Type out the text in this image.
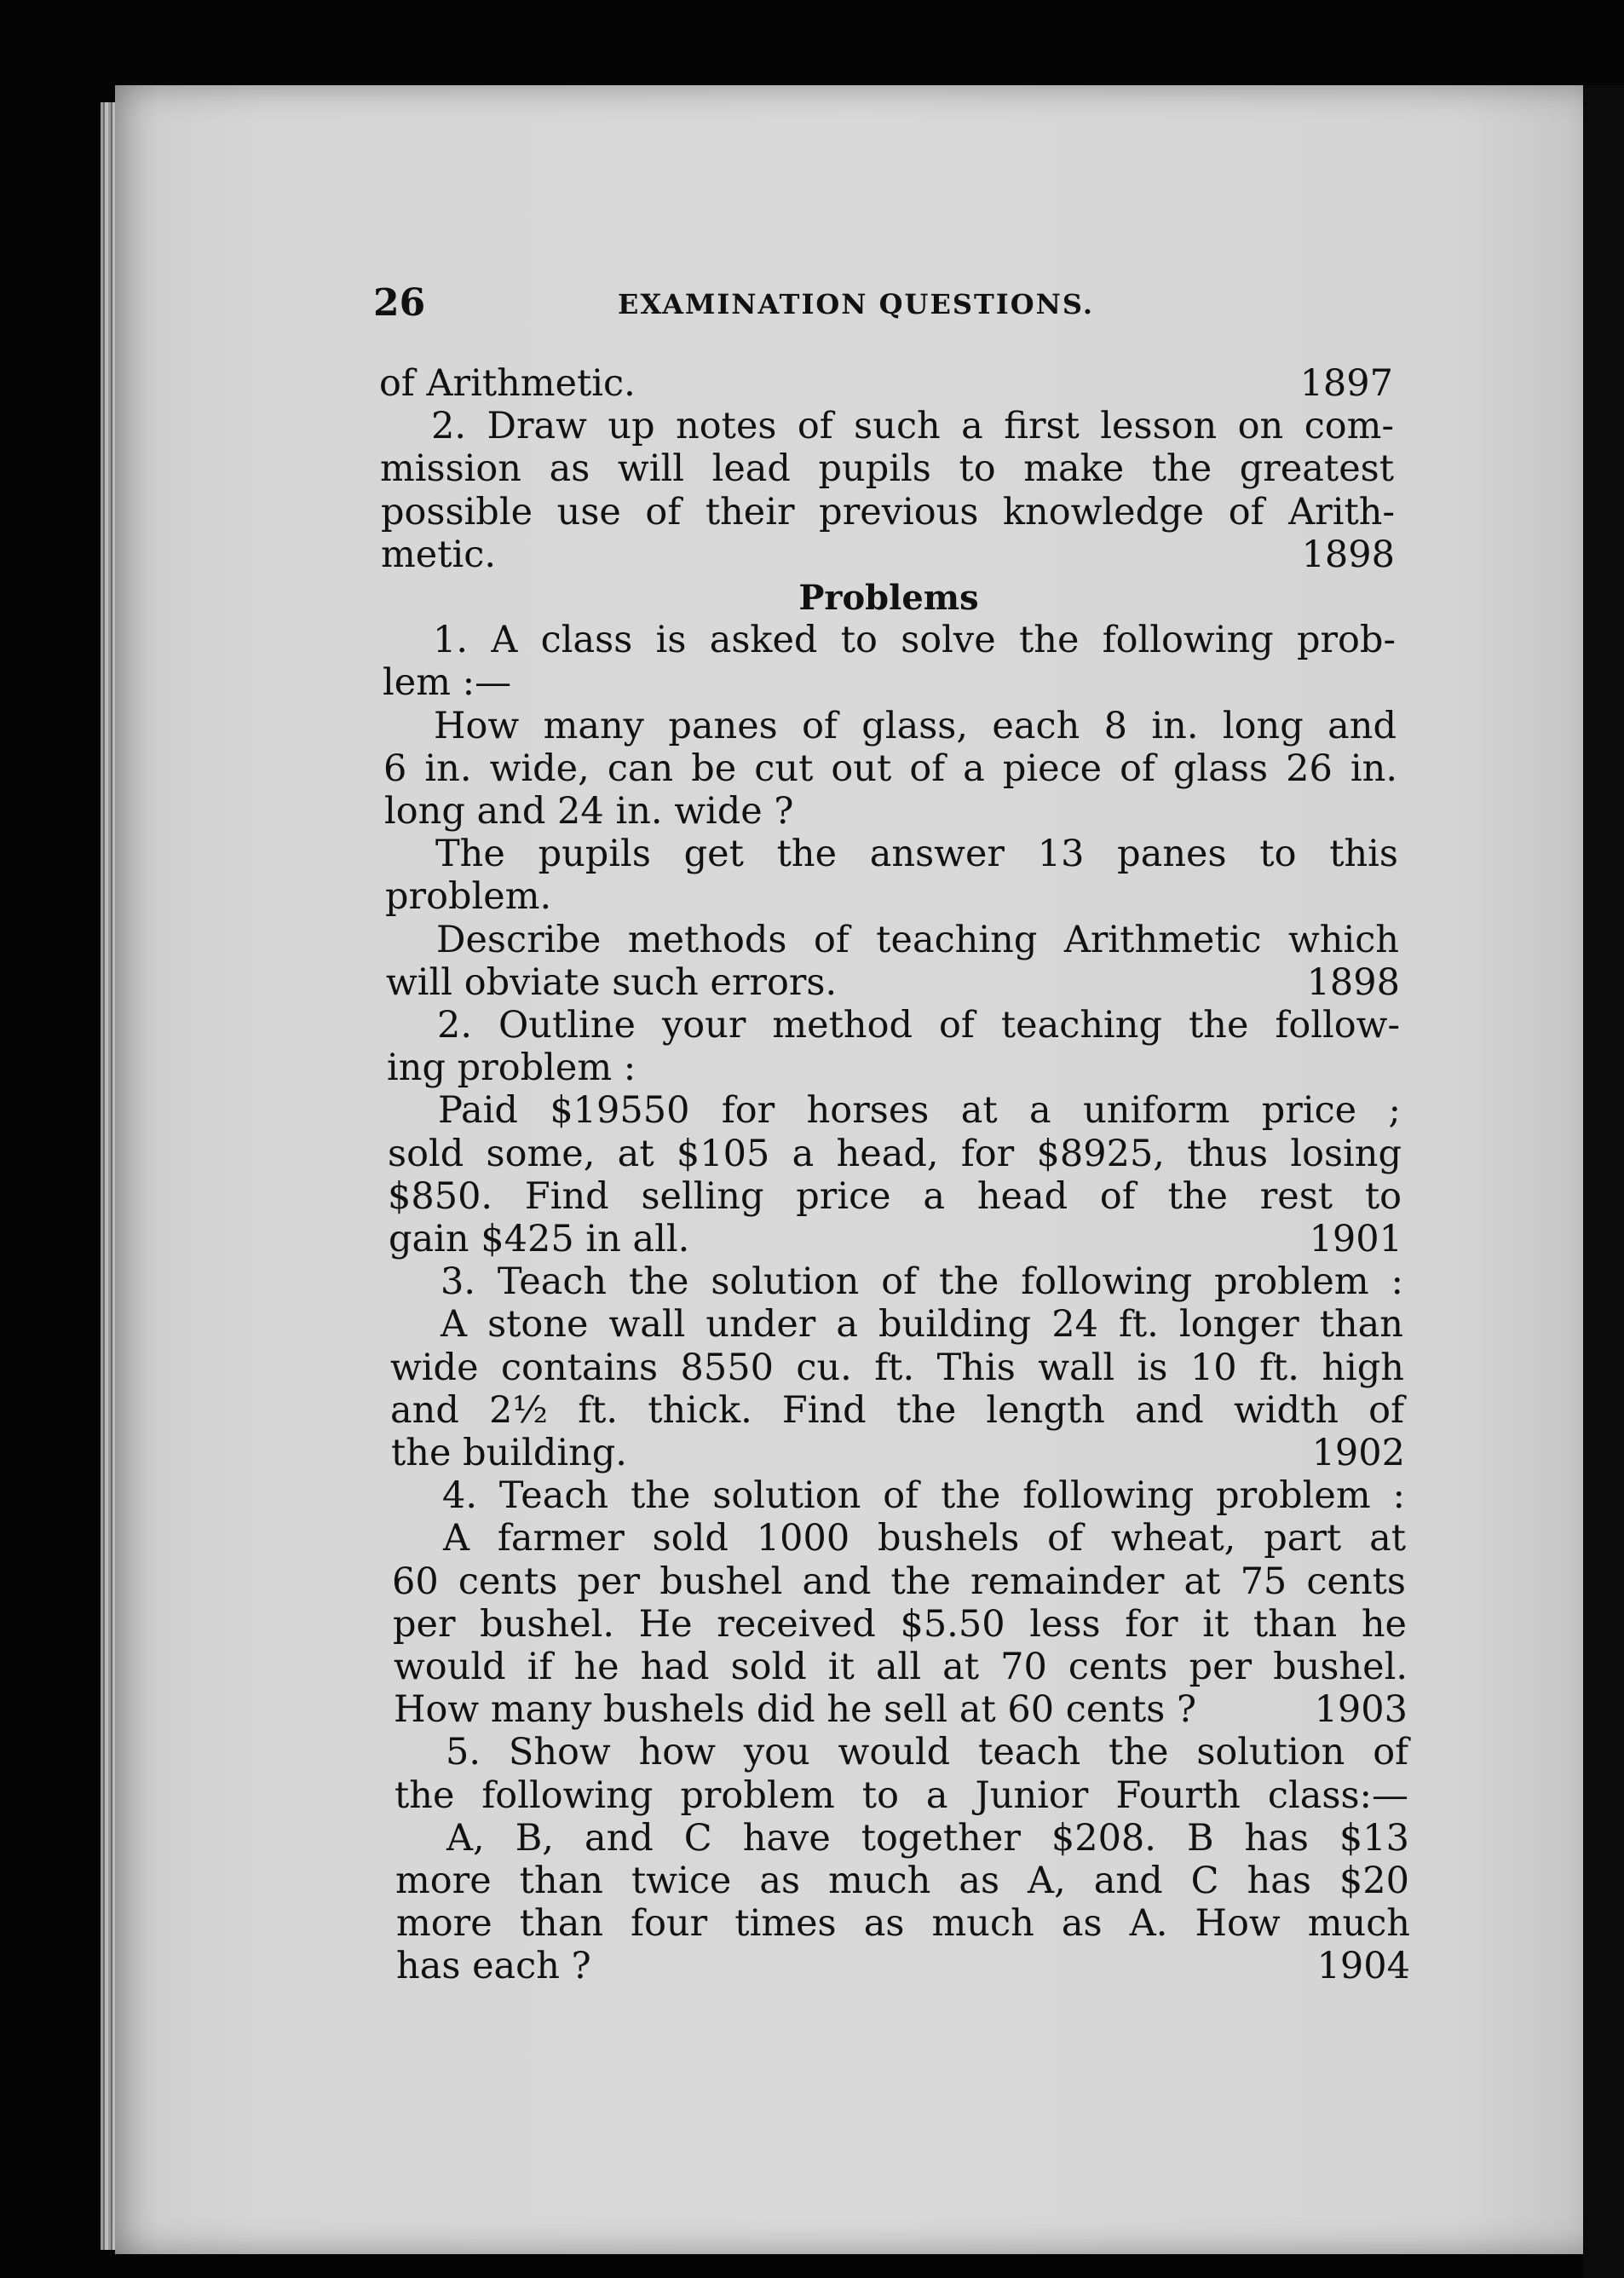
26	EXAMINATION QUESTIONS.
of Arithmetic.	1897
2. Draw up notes of such a first lesson on com-
mission as will lead pupils to make the greatest
possible use of their previous knowledge of Arith-
metic.	1898
Problems
1. A class is asked to solve the following prob-
lem :—
How many panes of glass, each 8 in. long and
6 in. wide, can be cut out of a piece of glass 26 in.
long and 24 in. wide ?
The pupils get the answer 13 panes to this
problem.
Describe methods of teaching Arithmetic which
will obviate such errors.	1898
2. Outline your method of teaching the follow-
ing problem :
Paid $19550 for horses at a uniform price ;
sold some, at $105 a head, for $8925, thus losing
$850. Find selling price a head of the rest to
gain $425 in all.	1901
3. Teach the solution of the following problem :
A stone wall under a building 24 ft. longer than
wide contains 8550 cu. ft. This wall is 10 ft. high
and 2½ ft. thick. Find the length and width of
the building.	1902
4. Teach the solution of the following problem :
A farmer sold 1000 bushels of wheat, part at
60 cents per bushel and the remainder at 75 cents
per bushel. He received $5.50 less for it than he
would if he had sold it all at 70 cents per bushel.
How many bushels did he sell at 60 cents ?	1903
5. Show how you would teach the solution of
the following problem to a Junior Fourth class:—
A, B, and C have together $208. B has $13
more than twice as much as A, and C has $20
more than four times as much as A. How much
has each ?	1904
